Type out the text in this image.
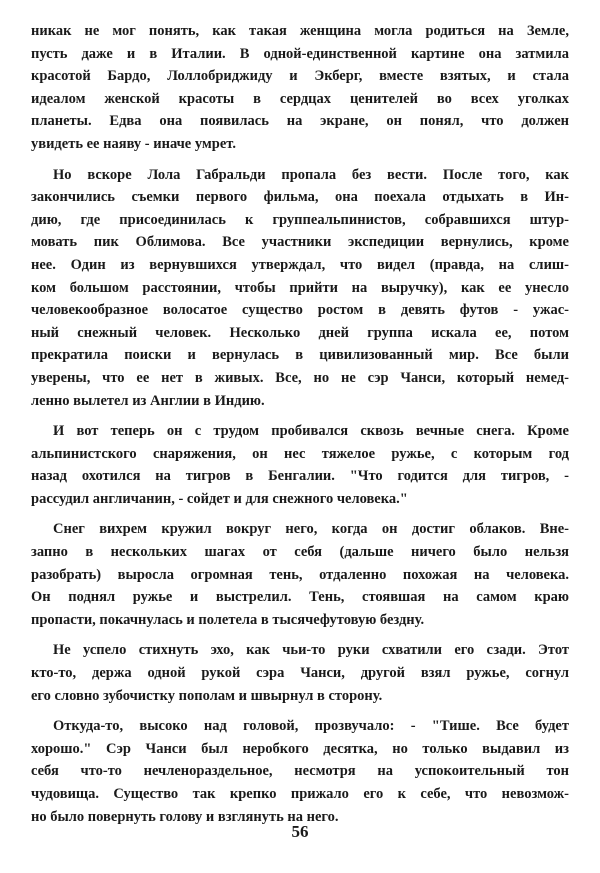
никак не мог понять, как такая женщина могла родиться на Земле,
пусть даже и в Италии. В одной-единственной картине она затмила
красотой Бардо, Лоллобриджиду и Экберг, вместе взятых, и стала
идеалом женской красоты в сердцах ценителей во всех уголках
планеты. Едва она появилась на экране, он понял, что должен
увидеть ее наяву - иначе умрет.
Но вскоре Лола Габральди пропала без вести. После того, как
закончились съемки первого фильма, она поехала отдыхать в Ин-
дию, где присоединилась к группеальпинистов, собравшихся штур-
мовать пик Облимова. Все участники экспедиции вернулись, кроме
нее. Один из вернувшихся утверждал, что видел (правда, на слиш-
ком большом расстоянии, чтобы прийти на выручку), как ее унесло
человекообразное волосатое существо ростом в девять футов - ужас-
ный снежный человек. Несколько дней группа искала ее, потом
прекратила поиски и вернулась в цивилизованный мир. Все были
уверены, что ее нет в живых. Все, но не сэр Чанси, который немед-
ленно вылетел из Англии в Индию.
И вот теперь он с трудом пробивался сквозь вечные снега. Кроме
альпинистского снаряжения, он нес тяжелое ружье, с которым год
назад охотился на тигров в Бенгалии. "Что годится для тигров, -
рассудил англичанин, - сойдет и для снежного человека."
Снег вихрем кружил вокруг него, когда он достиг облаков. Вне-
запно в нескольких шагах от себя (дальше ничего было нельзя
разобрать) выросла огромная тень, отдаленно похожая на человека.
Он поднял ружье и выстрелил. Тень, стоявшая на самом краю
пропасти, покачнулась и полетела в тысячефутовую бездну.
Не успело стихнуть эхо, как чьи-то руки схватили его сзади. Этот
кто-то, держа одной рукой сэра Чанси, другой взял ружье, согнул
его словно зубочистку пополам и швырнул в сторону.
Откуда-то, высоко над головой, прозвучало: - "Тише. Все будет
хорошо." Сэр Чанси был неробкого десятка, но только выдавил из
себя что-то нечленораздельное, несмотря на успокоительный тон
чудовища. Существо так крепко прижало его к себе, что невозмож-
но было повернуть голову и взглянуть на него.
56
